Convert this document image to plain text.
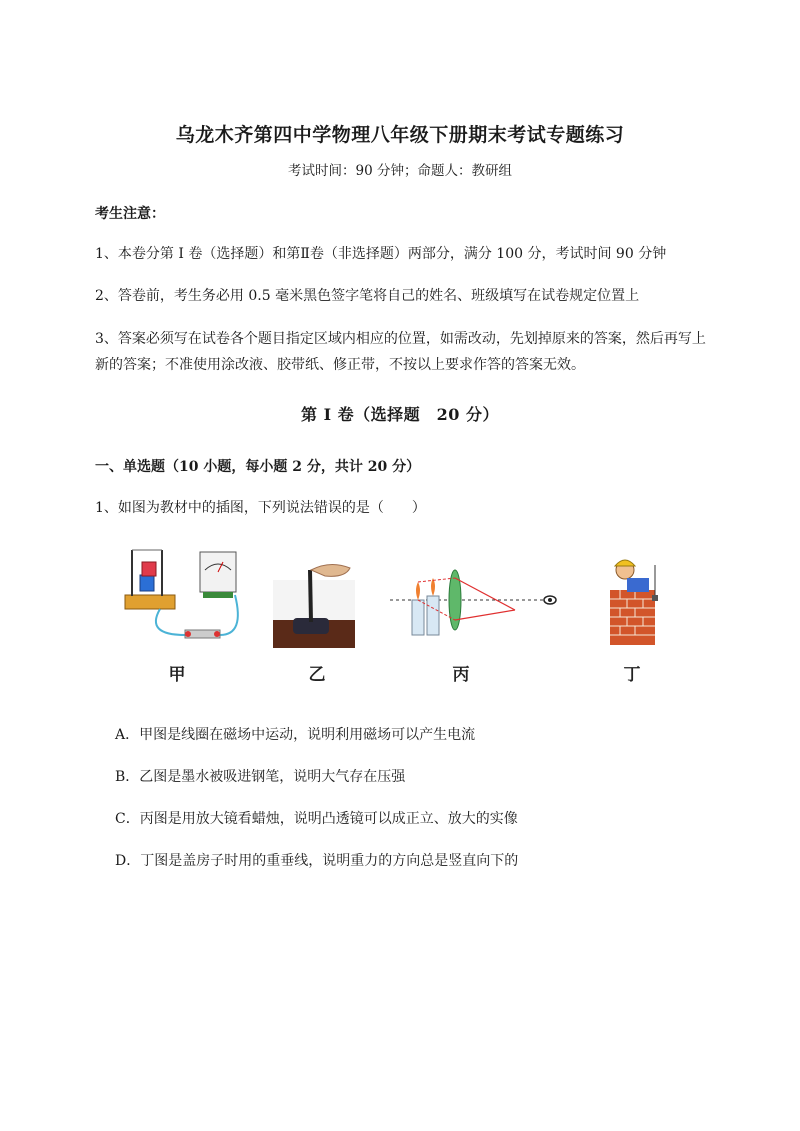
乌龙木齐第四中学物理八年级下册期末考试专题练习
考试时间：90 分钟；命题人：教研组
考生注意：
1、本卷分第 I 卷（选择题）和第Ⅱ卷（非选择题）两部分，满分 100 分，考试时间 90 分钟
2、答卷前，考生务必用 0.5 毫米黑色签字笔将自己的姓名、班级填写在试卷规定位置上
3、答案必须写在试卷各个题目指定区域内相应的位置，如需改动，先划掉原来的答案，然后再写上新的答案；不准使用涂改液、胶带纸、修正带，不按以上要求作答的答案无效。
第 I 卷（选择题　20 分）
一、单选题（10 小题，每小题 2 分，共计 20 分）
1、如图为教材中的插图，下列说法错误的是（　　）
甲	乙	丙	丁
A．甲图是线圈在磁场中运动，说明利用磁场可以产生电流
B．乙图是墨水被吸进钢笔，说明大气存在压强
C．丙图是用放大镜看蜡烛，说明凸透镜可以成正立、放大的实像
D．丁图是盖房子时用的重垂线，说明重力的方向总是竖直向下的
